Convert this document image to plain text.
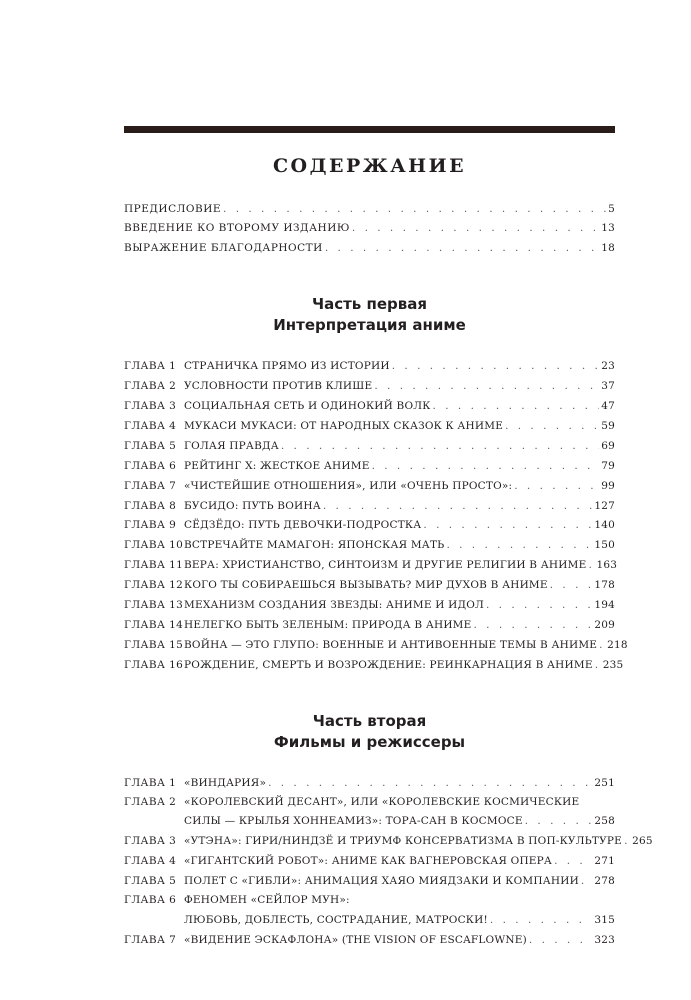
СОДЕРЖАНИЕ
ПРЕДИСЛОВИЕ . . .	5
ВВЕДЕНИЕ КО ВТОРОМУ ИЗДАНИЮ . . .	13
ВЫРАЖЕНИЕ БЛАГОДАРНОСТИ . . .	18
Часть первая
Интерпретация аниме
ГЛАВА 1 СТРАНИЧКА ПРЯМО ИЗ ИСТОРИИ . . .	23
ГЛАВА 2 УСЛОВНОСТИ ПРОТИВ КЛИШЕ . . .	37
ГЛАВА 3 СОЦИАЛЬНАЯ СЕТЬ И ОДИНОКИЙ ВОЛК . . .	47
ГЛАВА 4 МУКАСИ МУКАСИ: ОТ НАРОДНЫХ СКАЗОК К АНИМЕ . . .	59
ГЛАВА 5 ГОЛАЯ ПРАВДА . . .	69
ГЛАВА 6 РЕЙТИНГ Х: ЖЕСТКОЕ АНИМЕ . . .	79
ГЛАВА 7 «ЧИСТЕЙШИЕ ОТНОШЕНИЯ», ИЛИ «ОЧЕНЬ ПРОСТО»: . . .	99
ГЛАВА 8 БУСИДО: ПУТЬ ВОИНА . . .	127
ГЛАВА 9 СЁДЗЁДО: ПУТЬ ДЕВОЧКИ-ПОДРОСТКА . . .	140
ГЛАВА 10 ВСТРЕЧАЙТЕ МАМАГОН: ЯПОНСКАЯ МАТЬ . . .	150
ГЛАВА 11 ВЕРА: ХРИСТИАНСТВО, СИНТОИЗМ И ДРУГИЕ РЕЛИГИИ В АНИМЕ . . . 163
ГЛАВА 12 КОГО ТЫ СОБИРАЕШЬСЯ ВЫЗЫВАТЬ? МИР ДУХОВ В АНИМЕ . . .	178
ГЛАВА 13 МЕХАНИЗМ СОЗДАНИЯ ЗВЕЗДЫ: АНИМЕ И ИДОЛ . . .	194
ГЛАВА 14 НЕЛЕГКО БЫТЬ ЗЕЛЕНЫМ: ПРИРОДА В АНИМЕ . . .	209
ГЛАВА 15 ВОЙНА — ЭТО ГЛУПО: ВОЕННЫЕ И АНТИВОЕННЫЕ ТЕМЫ В АНИМЕ . . . 218
ГЛАВА 16 РОЖДЕНИЕ, СМЕРТЬ И ВОЗРОЖДЕНИЕ: РЕИНКАРНАЦИЯ В АНИМЕ . . . 235
Часть вторая
Фильмы и режиссеры
ГЛАВА 1 «ВИНДАРИЯ» . . .	251
ГЛАВА 2 «КОРОЛЕВСКИЙ ДЕСАНТ», ИЛИ «КОРОЛЕВСКИЕ КОСМИЧЕСКИЕ
СИЛЫ — КРЫЛЬЯ ХОННЕАМИЗ»: ТОРА-САН В КОСМОСЕ . . .	258
ГЛАВА 3 «УТЭНА»: ГИРИ/НИНДЗЁ И ТРИУМФ КОНСЕРВАТИЗМА В ПОП-КУЛЬТУРЕ . . . 265
ГЛАВА 4 «ГИГАНТСКИЙ РОБОТ»: АНИМЕ КАК ВАГНЕРОВСКАЯ ОПЕРА . . .	271
ГЛАВА 5 ПОЛЕТ С «ГИБЛИ»: АНИМАЦИЯ ХАЯО МИЯДЗАКИ И КОМПАНИИ . . . 278
ГЛАВА 6 ФЕНОМЕН «СЕЙЛОР МУН»:
ЛЮБОВЬ, ДОБЛЕСТЬ, СОСТРАДАНИЕ, МАТРОСКИ! . . .	315
ГЛАВА 7 «ВИДЕНИЕ ЭСКАФЛОНА» (THE VISION OF ESCAFLOWNE) . . .	323
